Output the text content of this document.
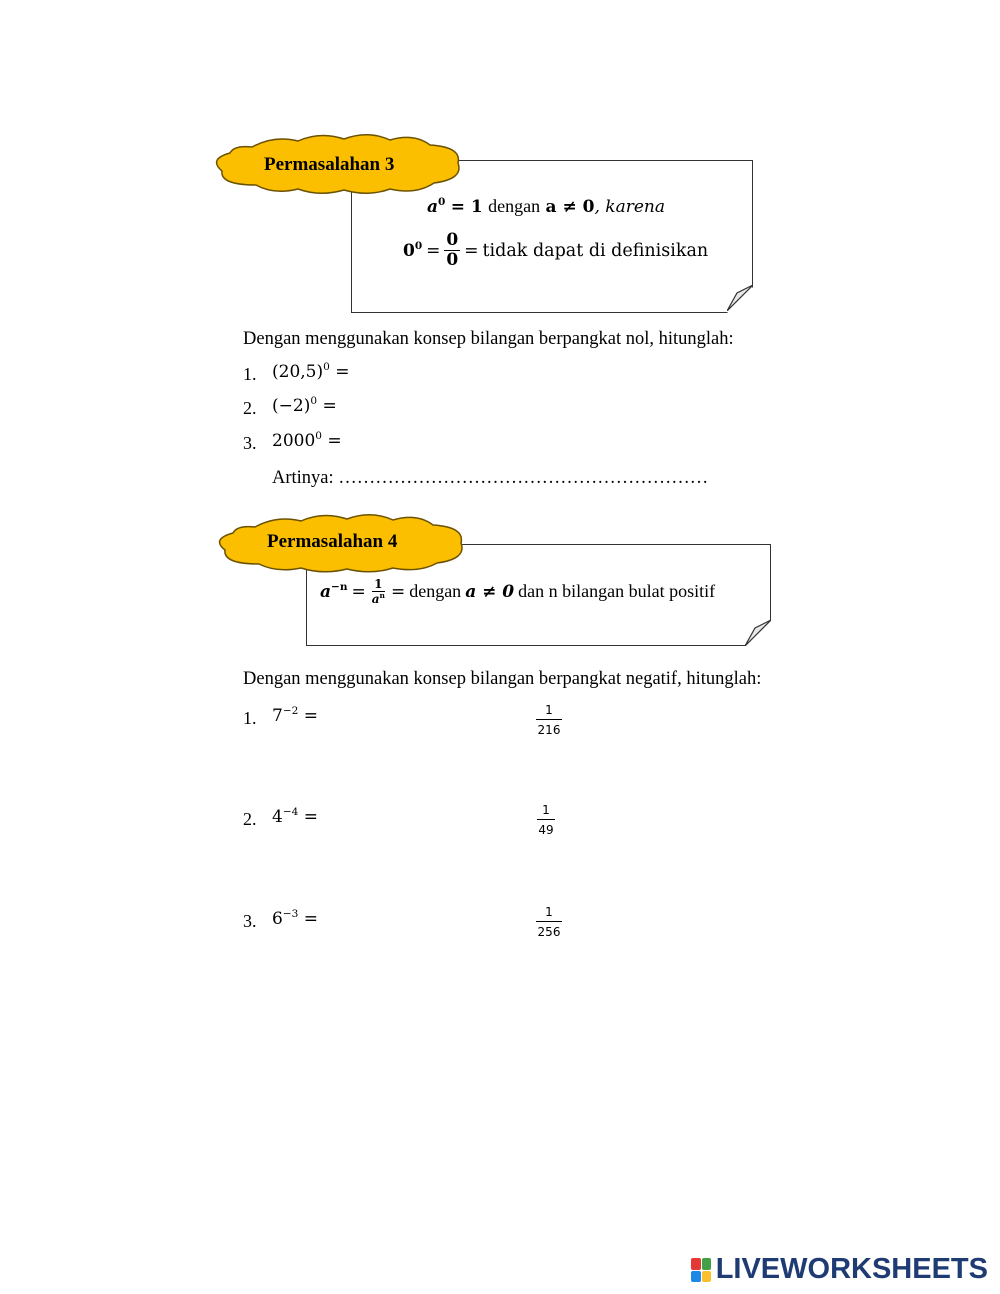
Permasalahan 3
$a^0 = 1$ dengan a ≠ 0, karena
$0^0 = \frac{0}{0}$ = tidak dapat di definisikan
Dengan menggunakan konsep bilangan berpangkat nol, hitunglah:
1. $(20,5)^0$ =
2. $(-2)^0$ =
3. $2000^0$ =
Artinya: ……………………………………………………
Permasalahan 4
$a^{-n} = \frac{1}{a^n}$ = dengan a ≠ 0 dan n bilangan bulat positif
Dengan menggunakan konsep bilangan berpangkat negatif, hitunglah:
1. $7^{-2}$ =	$\frac{1}{216}$
2. $4^{-4}$ =	$\frac{1}{49}$
3. $6^{-3}$ =	$\frac{1}{256}$
LIVEWORKSHEETS
